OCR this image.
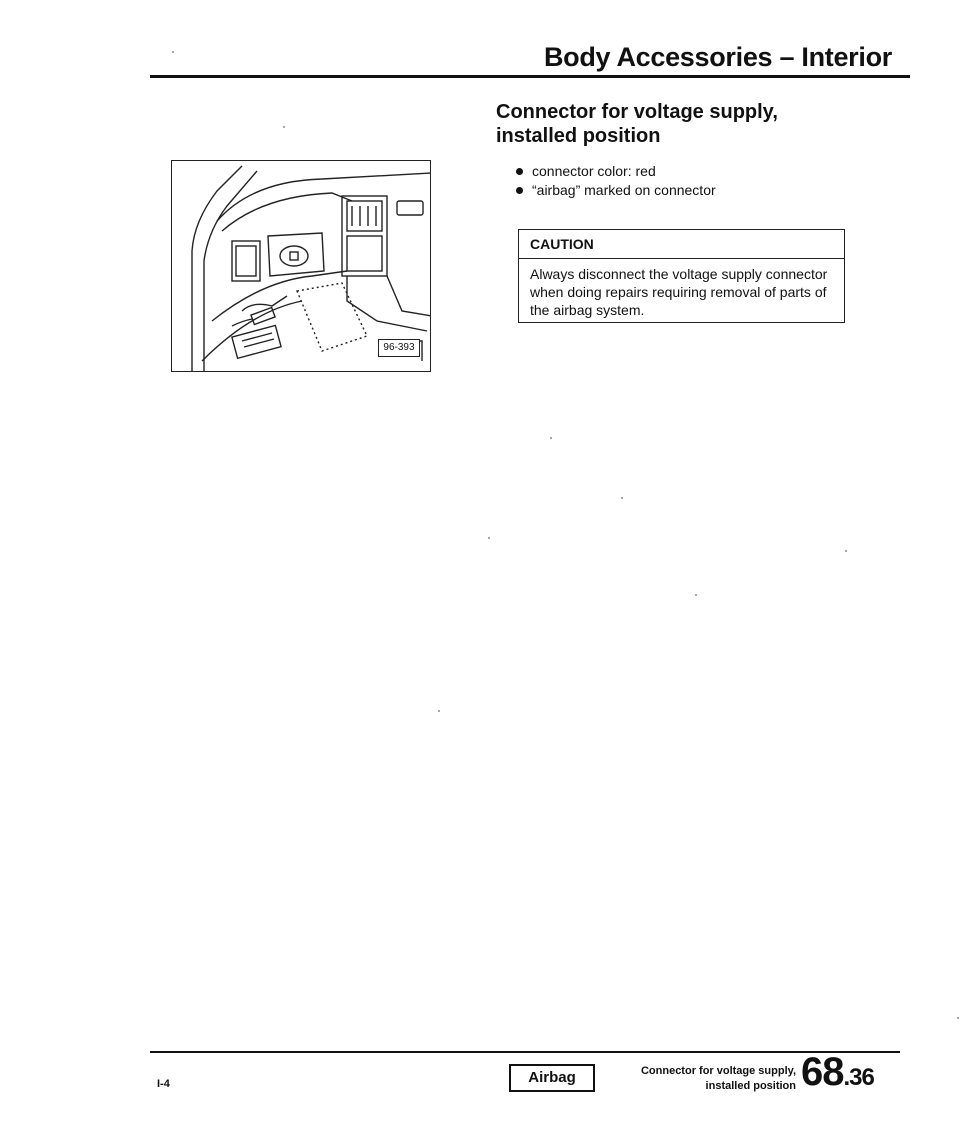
Body Accessories – Interior
Connector for voltage supply, installed position
connector color: red
“airbag” marked on connector
CAUTION
Always disconnect the voltage supply connector when doing repairs requiring removal of parts of the airbag system.
96-393
I-4	Airbag	Connector for voltage supply, installed position 68.36
